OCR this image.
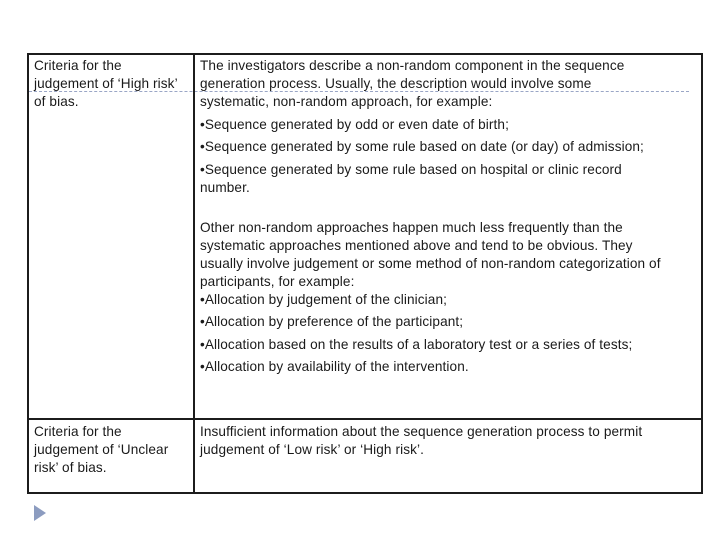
Criteria for the
judgement of ‘High risk’
of bias.
The investigators describe a non-random component in the sequence
generation process. Usually, the description would involve some
systematic, non-random approach, for example:
•Sequence generated by odd or even date of birth;
•Sequence generated by some rule based on date (or day) of admission;
•Sequence generated by some rule based on hospital or clinic record
number.
Other non-random approaches happen much less frequently than the
systematic approaches mentioned above and tend to be obvious. They
usually involve judgement or some method of non-random categorization of
participants, for example:
•Allocation by judgement of the clinician;
•Allocation by preference of the participant;
•Allocation based on the results of a laboratory test or a series of tests;
•Allocation by availability of the intervention.
Criteria for the
judgement of ‘Unclear
risk’ of bias.
Insufficient information about the sequence generation process to permit
judgement of ‘Low risk’ or ‘High risk’.
